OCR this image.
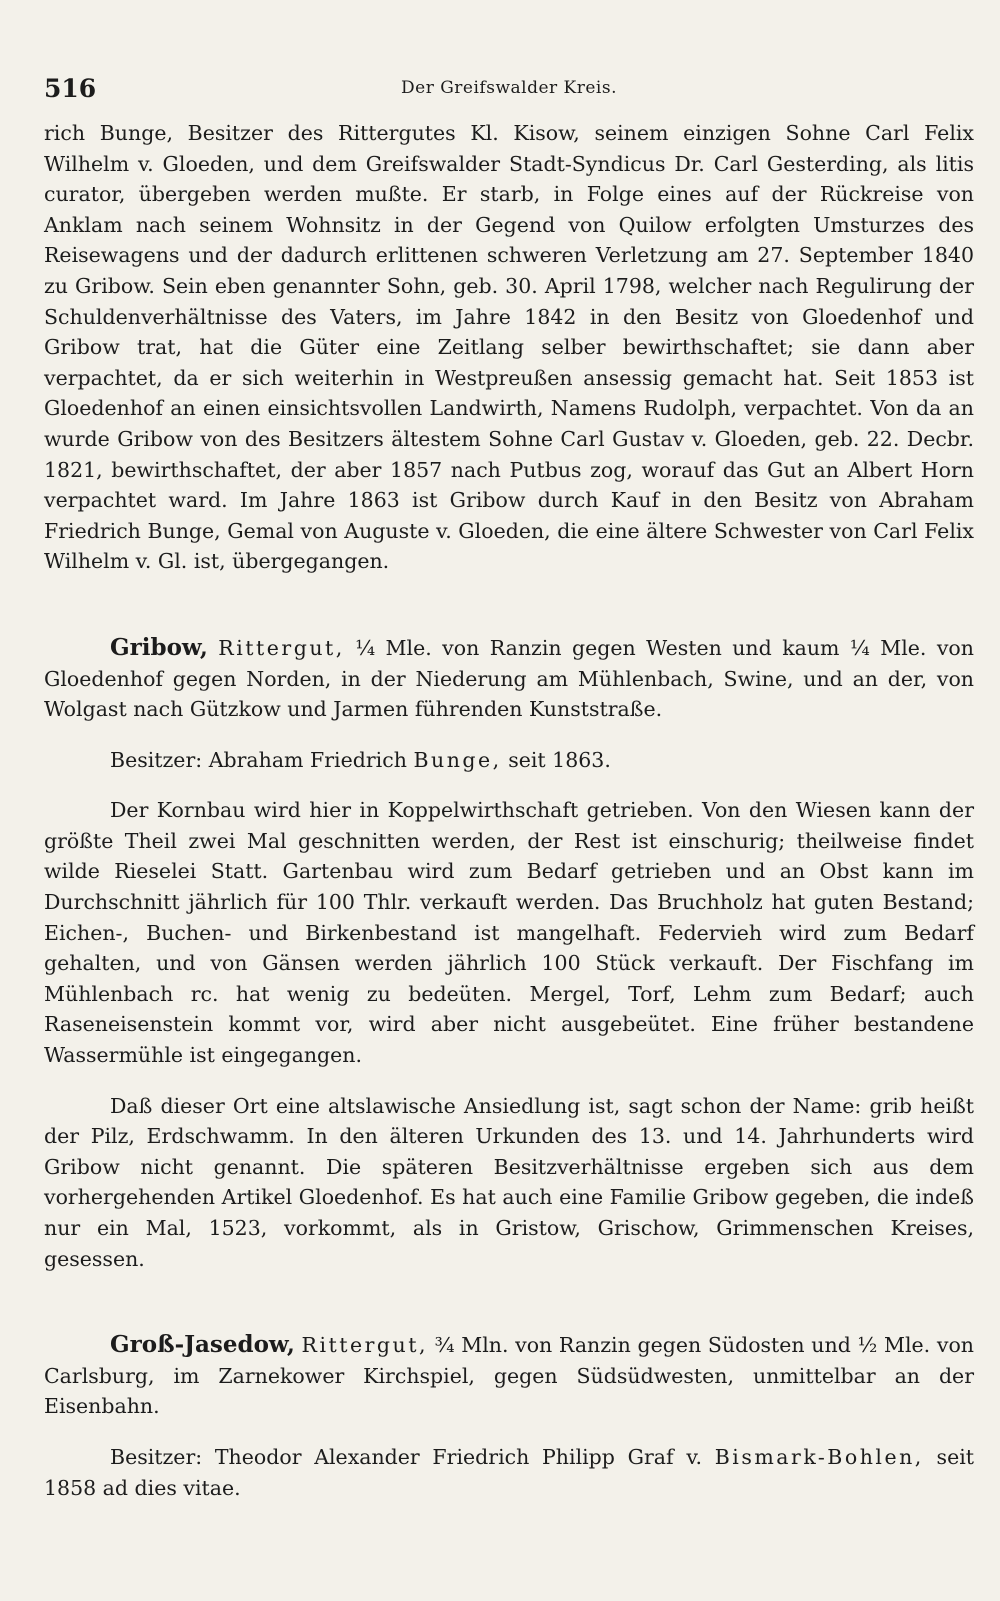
516	Der Greifswalder Kreis.

rich Bunge, Besitzer des Rittergutes Kl. Kisow, seinem einzigen Sohne Carl Felix Wilhelm v. Gloeden, und dem Greifswalder Stadt-Syndicus Dr. Carl Gesterding, als litis curator, übergeben werden mußte. Er starb, in Folge eines auf der Rückreise von Anklam nach seinem Wohnsitz in der Gegend von Quilow erfolgten Umsturzes des Reisewagens und der dadurch erlittenen schweren Verletzung am 27. September 1840 zu Gribow. Sein eben genannter Sohn, geb. 30. April 1798, welcher nach Regulirung der Schuldenverhältnisse des Vaters, im Jahre 1842 in den Besitz von Gloedenhof und Gribow trat, hat die Güter eine Zeitlang selber bewirthschaftet; sie dann aber verpachtet, da er sich weiterhin in Westpreußen ansessig gemacht hat. Seit 1853 ist Gloedenhof an einen einsichtsvollen Landwirth, Namens Rudolph, verpachtet. Von da an wurde Gribow von des Besitzers ältestem Sohne Carl Gustav v. Gloeden, geb. 22. Decbr. 1821, bewirthschaftet, der aber 1857 nach Putbus zog, worauf das Gut an Albert Horn verpachtet ward. Im Jahre 1863 ist Gribow durch Kauf in den Besitz von Abraham Friedrich Bunge, Gemal von Auguste v. Gloeden, die eine ältere Schwester von Carl Felix Wilhelm v. Gl. ist, übergegangen.

Gribow, Rittergut, ¼ Mle. von Ranzin gegen Westen und kaum ¼ Mle. von Gloedenhof gegen Norden, in der Niederung am Mühlenbach, Swine, und an der, von Wolgast nach Gützkow und Jarmen führenden Kunststraße.

Besitzer: Abraham Friedrich Bunge, seit 1863.

Der Kornbau wird hier in Koppelwirthschaft getrieben. Von den Wiesen kann der größte Theil zwei Mal geschnitten werden, der Rest ist einschurig; theilweise findet wilde Rieselei Statt. Gartenbau wird zum Bedarf getrieben und an Obst kann im Durchschnitt jährlich für 100 Thlr. verkauft werden. Das Bruchholz hat guten Bestand; Eichen-, Buchen- und Birkenbestand ist mangelhaft. Federvieh wird zum Bedarf gehalten, und von Gänsen werden jährlich 100 Stück verkauft. Der Fischfang im Mühlenbach rc. hat wenig zu bedeüten. Mergel, Torf, Lehm zum Bedarf; auch Raseneisenstein kommt vor, wird aber nicht ausgebeütet. Eine früher bestandene Wassermühle ist eingegangen.

Daß dieser Ort eine altslawische Ansiedlung ist, sagt schon der Name: grib heißt der Pilz, Erdschwamm. In den älteren Urkunden des 13. und 14. Jahrhunderts wird Gribow nicht genannt. Die späteren Besitzverhältnisse ergeben sich aus dem vorhergehenden Artikel Gloedenhof. Es hat auch eine Familie Gribow gegeben, die indeß nur ein Mal, 1523, vorkommt, als in Gristow, Grischow, Grimmenschen Kreises, gesessen.

Groß-Jasedow, Rittergut, ¾ Mln. von Ranzin gegen Südosten und ½ Mle. von Carlsburg, im Zarnekower Kirchspiel, gegen Südsüdwesten, unmittelbar an der Eisenbahn.

Besitzer: Theodor Alexander Friedrich Philipp Graf v. Bismark-Bohlen, seit 1858 ad dies vitae.
